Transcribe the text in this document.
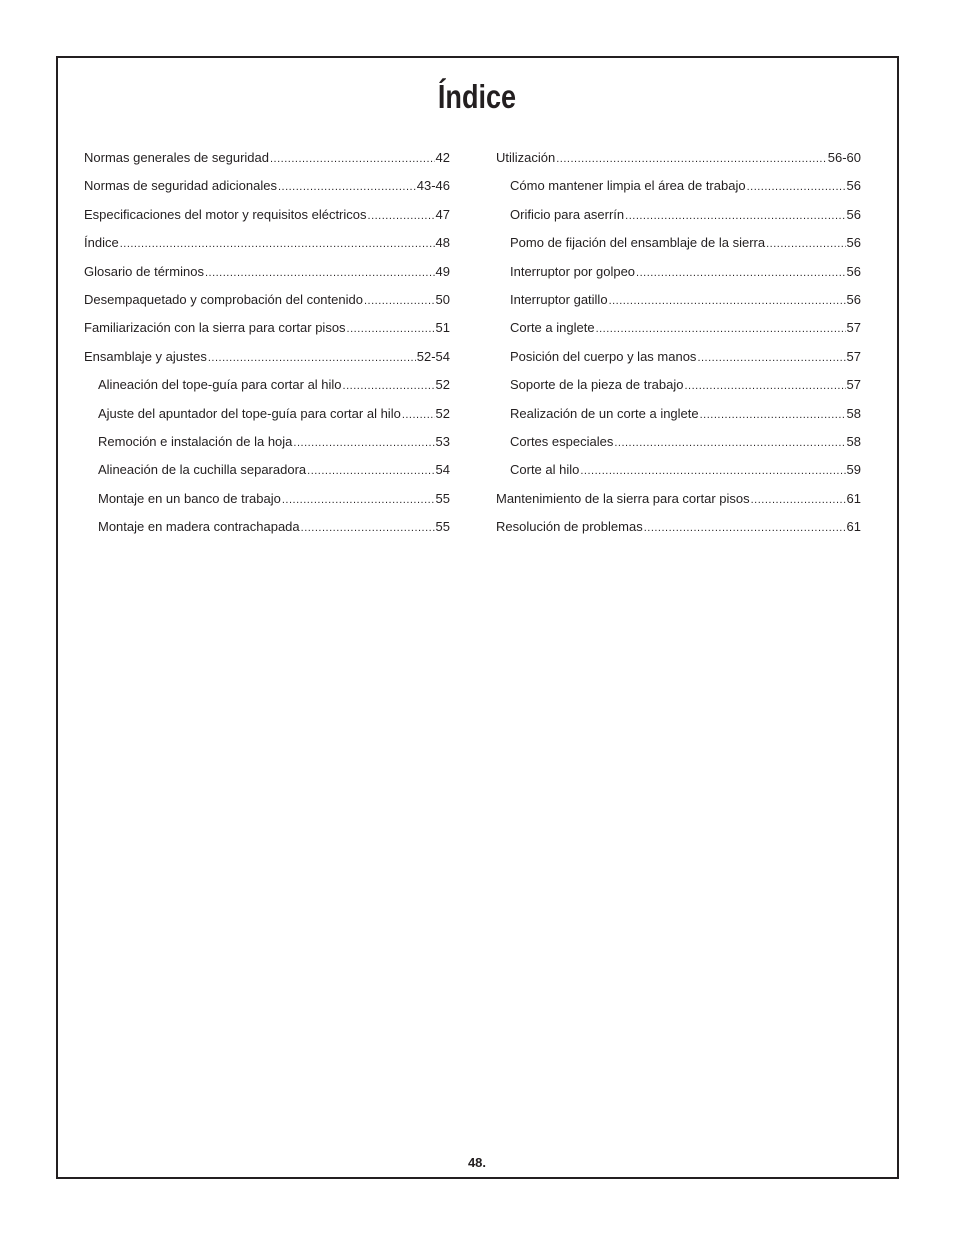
Índice
Normas generales de seguridad .....	42
Normas de seguridad adicionales .....	43-46
Especificaciones del motor y requisitos eléctricos .....	47
Índice .....	48
Glosario de términos .....	49
Desempaquetado y comprobación del contenido .....	50
Familiarización con la sierra para cortar pisos .....	51
Ensamblaje y ajustes .....	52-54
Alineación del tope-guía para cortar al hilo .....	52
Ajuste del apuntador del tope-guía para cortar al hilo .....	52
Remoción e instalación de la hoja .....	53
Alineación de la cuchilla separadora .....	54
Montaje en un banco de trabajo .....	55
Montaje en madera contrachapada .....	55
Utilización .....	56-60
Cómo mantener limpia el área de trabajo .....	56
Orificio para aserrín .....	56
Pomo de fijación del ensamblaje de la sierra .....	56
Interruptor por golpeo .....	56
Interruptor gatillo .....	56
Corte a inglete .....	57
Posición del cuerpo y las manos .....	57
Soporte de la pieza de trabajo .....	57
Realización de un corte a inglete .....	58
Cortes especiales .....	58
Corte al hilo .....	59
Mantenimiento de la sierra para cortar pisos .....	61
Resolución de problemas .....	61
48.
